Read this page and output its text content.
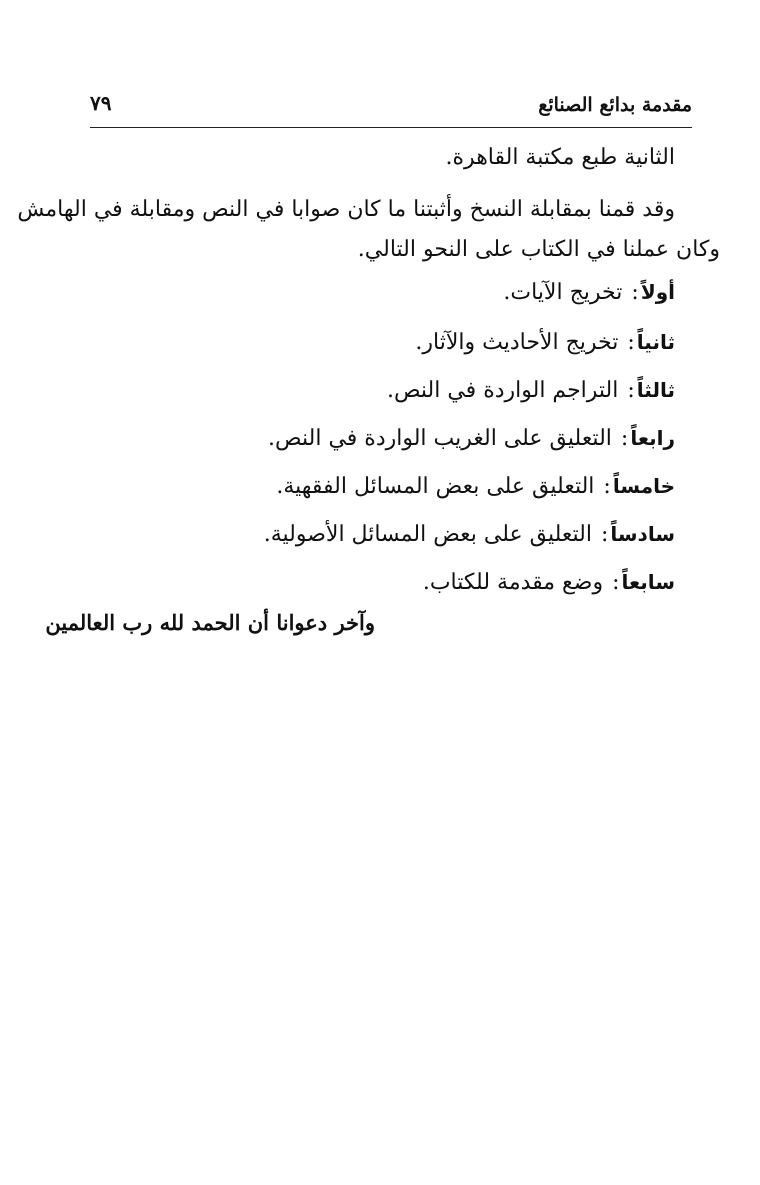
مقدمة بدائع الصنائع
٧٩
الثانية طبع مكتبة القاهرة.
وقد قمنا بمقابلة النسخ وأثبتنا ما كان صوابا في النص ومقابلة في الهامش
وكان عملنا في الكتاب على النحو التالي.
أولاً: تخريج الآيات.
ثانياً: تخريج الأحاديث والآثار.
ثالثاً: التراجم الواردة في النص.
رابعاً: التعليق على الغريب الواردة في النص.
خامساً: التعليق على بعض المسائل الفقهية.
سادساً: التعليق على بعض المسائل الأصولية.
سابعاً: وضع مقدمة للكتاب.
وآخر دعوانا أن الحمد لله رب العالمين
